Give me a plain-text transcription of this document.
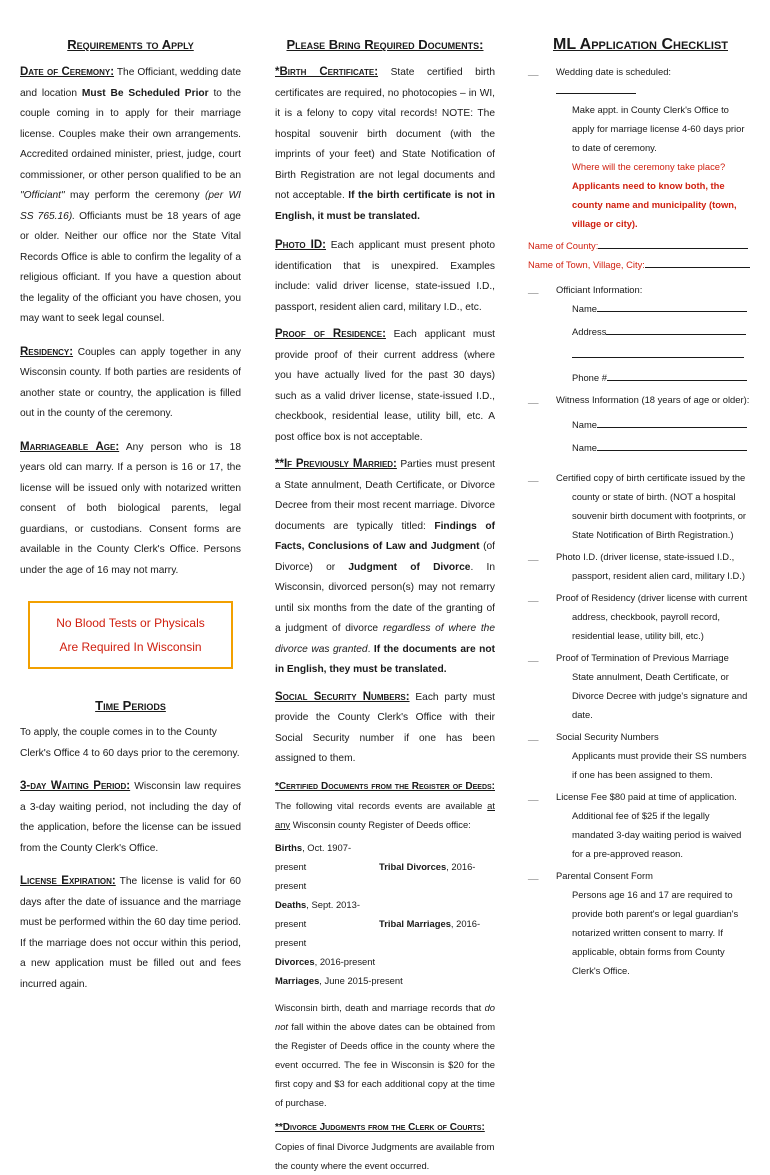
Requirements to Apply

Date of Ceremony: The Officiant, wedding date and location Must Be Scheduled Prior to the couple coming in to apply for their marriage license. Couples make their own arrangements. Accredited ordained minister, priest, judge, court commissioner, or other person qualified to be an "Officiant" may perform the ceremony (per WI SS 765.16). Officiants must be 18 years of age or older. Neither our office nor the State Vital Records Office is able to confirm the legality of a religious officiant. If you have a question about the legality of the officiant you have chosen, you may want to seek legal counsel.

Residency: Couples can apply together in any Wisconsin county. If both parties are residents of another state or country, the application is filled out in the county of the ceremony.

Marriageable Age: Any person who is 18 years old can marry. If a person is 16 or 17, the license will be issued only with notarized written consent of both biological parents, legal guardians, or custodians. Consent forms are available in the County Clerk's Office. Persons under the age of 16 may not marry.

No Blood Tests or Physicals
Are Required In Wisconsin
Time Periods

To apply, the couple comes in to the County Clerk's Office 4 to 60 days prior to the ceremony.

3-day Waiting Period: Wisconsin law requires a 3-day waiting period, not including the day of the application, before the license can be issued from the County Clerk's Office.

License Expiration: The license is valid for 60 days after the date of issuance and the marriage must be performed within the 60 day time period. If the marriage does not occur within this period, a new application must be filled out and fees incurred again.

Please Bring Required Documents:

*Birth Certificate: State certified birth certificates are required, no photocopies – in WI, it is a felony to copy vital records! NOTE: The hospital souvenir birth document (with the imprints of your feet) and State Notification of Birth Registration are not legal documents and not acceptable. If the birth certificate is not in English, it must be translated.

Photo ID: Each applicant must present photo identification that is unexpired. Examples include: valid driver license, state-issued I.D., passport, resident alien card, military I.D., etc.

Proof of Residence: Each applicant must provide proof of their current address (where you have actually lived for the past 30 days) such as a valid driver license, state-issued I.D., checkbook, residential lease, utility bill, etc. A post office box is not acceptable.

**If Previously Married: Parties must present a State annulment, Death Certificate, or Divorce Decree from their most recent marriage. Divorce documents are typically titled: Findings of Facts, Conclusions of Law and Judgment (of Divorce) or Judgment of Divorce. In Wisconsin, divorced person(s) may not remarry until six months from the date of the granting of a judgment of divorce regardless of where the divorce was granted. If the documents are not in English, they must be translated.

Social Security Numbers: Each party must provide the County Clerk's Office with their Social Security number if one has been assigned to them.

*Certified Documents from the Register of Deeds: The following vital records events are available at any Wisconsin county Register of Deeds office:

Births, Oct. 1907-present	Tribal Divorces, 2016-present
Deaths, Sept. 2013-present	Tribal Marriages, 2016-present
Divorces, 2016-present
Marriages, June 2015-present

Wisconsin birth, death and marriage records that do not fall within the above dates can be obtained from the Register of Deeds office in the county where the event occurred. The fee in Wisconsin is $20 for the first copy and $3 for each additional copy at the time of purchase.

**Divorce Judgments from the Clerk of Courts:
Copies of final Divorce Judgments are available from the county where the event occurred.
ML Application Checklist
__	Wedding date is scheduled:
Make appt. in County Clerk's Office to apply for marriage license 4-60 days prior to date of ceremony.
Where will the ceremony take place?
Applicants need to know both, the county name and municipality (town, village or city).
Name of County:
Name of Town, Village, City:
__	Officiant Information:
Name
Address
Phone #
__	Witness Information (18 years of age or older):
Name
Name
__	Certified copy of birth certificate issued by the
county or state of birth. (NOT a hospital souvenir birth document with footprints, or State Notification of Birth Registration.)
__	Photo I.D. (driver license, state-issued I.D.,
passport, resident alien card, military I.D.)
__	Proof of Residency (driver license with current
address, checkbook, payroll record, residential lease, utility bill, etc.)
__	Proof of Termination of Previous Marriage
State annulment, Death Certificate, or Divorce Decree with judge's signature and date.
__	Social Security Numbers
Applicants must provide their SS numbers if one has been assigned to them.
__	License Fee $80 paid at time of application.
Additional fee of $25 if the legally mandated 3-day waiting period is waived for a pre-approved reason.
__	Parental Consent Form
Persons age 16 and 17 are required to provide both parent's or legal guardian's notarized written consent to marry. If applicable, obtain forms from County Clerk's Office.
